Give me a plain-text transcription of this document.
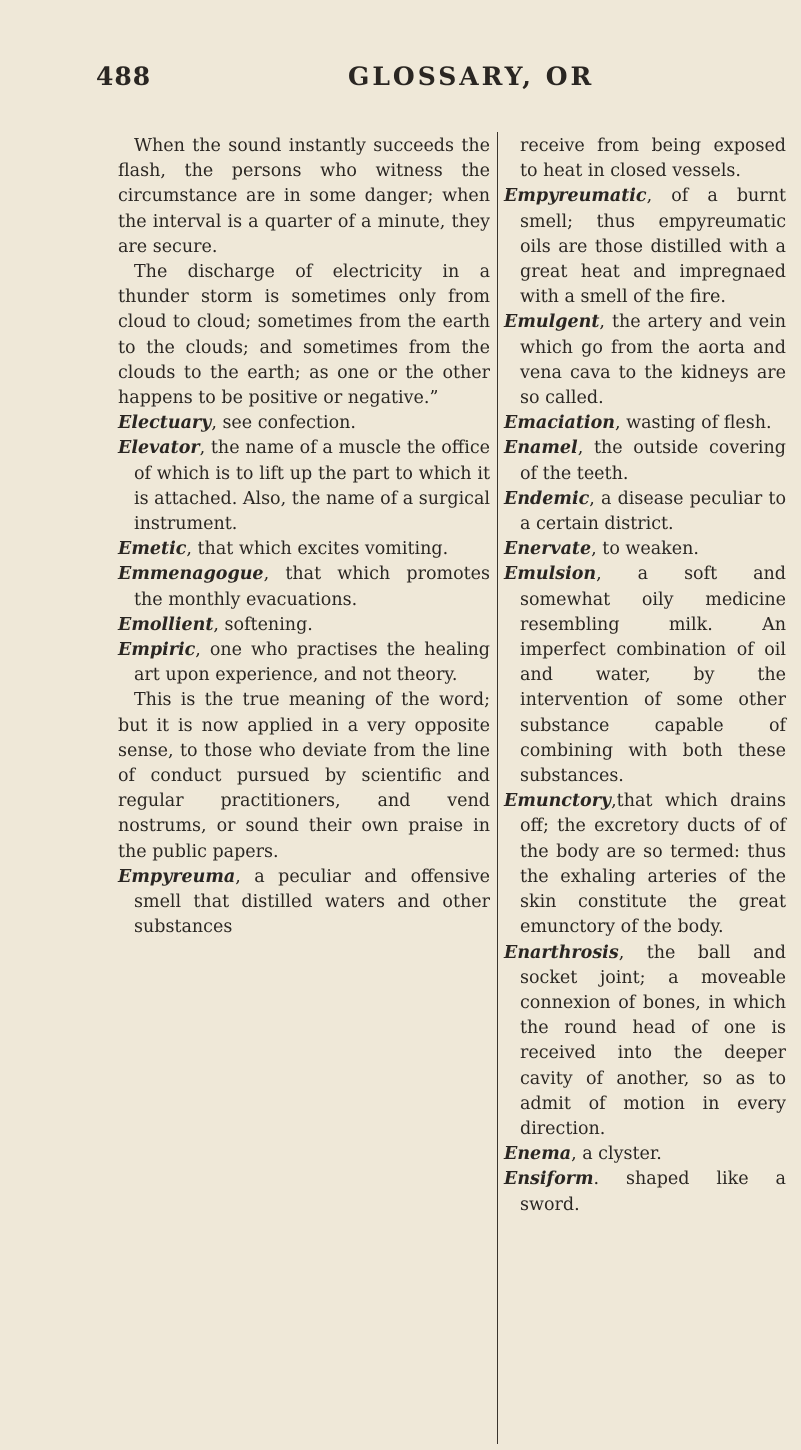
488	GLOSSARY, OR

When the sound instantly succeeds the flash, the persons who witness the circumstance are in some danger; when the interval is a quarter of a minute, they are secure.

The discharge of electricity in a thunder storm is sometimes only from cloud to cloud; sometimes from the earth to the clouds; and sometimes from the clouds to the earth; as one or the other happens to be positive or negative.”

Electuary, see confection.

Elevator, the name of a muscle the office of which is to lift up the part to which it is attached. Also, the name of a surgical instrument.

Emetic, that which excites vomiting.

Emmenagogue, that which promotes the monthly evacuations.

Emollient, softening.

Empiric, one who practises the healing art upon experience, and not theory.

This is the true meaning of the word; but it is now applied in a very opposite sense, to those who deviate from the line of conduct pursued by scientific and regular practitioners, and vend nostrums, or sound their own praise in the public papers.

Empyreuma, a peculiar and offensive smell that distilled waters and other substances

receive from being exposed to heat in closed vessels.

Empyreumatic, of a burnt smell; thus empyreumatic oils are those distilled with a great heat and impregnaed with a smell of the fire.

Emulgent, the artery and vein which go from the aorta and vena cava to the kidneys are so called.

Emaciation, wasting of flesh.

Enamel, the outside covering of the teeth.

Endemic, a disease peculiar to a certain district.

Enervate, to weaken.

Emulsion, a soft and somewhat oily medicine resembling milk. An imperfect combination of oil and water, by the intervention of some other substance capable of combining with both these substances.

Emunctory,that which drains off; the excretory ducts of of the body are so termed: thus the exhaling arteries of the skin constitute the great emunctory of the body.

Enarthrosis, the ball and socket joint; a moveable connexion of bones, in which the round head of one is received into the deeper cavity of another, so as to admit of motion in every direction.

Enema, a clyster.

Ensiform. shaped like a sword.
